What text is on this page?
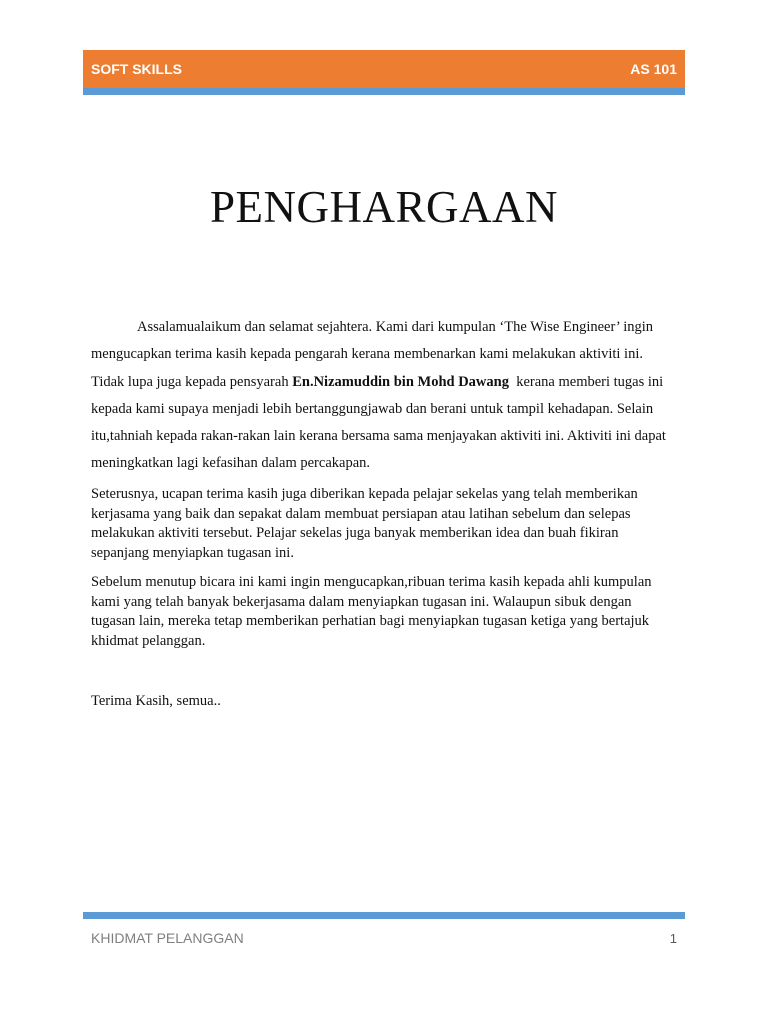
SOFT SKILLS	AS 101
PENGHARGAAN

Assalamualaikum dan selamat sejahtera. Kami dari kumpulan ‘The Wise Engineer’ ingin mengucapkan terima kasih kepada pengarah kerana membenarkan kami melakukan aktiviti ini. Tidak lupa juga kepada pensyarah En.Nizamuddin bin Mohd Dawang  kerana memberi tugas ini kepada kami supaya menjadi lebih bertanggungjawab dan berani untuk tampil kehadapan. Selain itu,tahniah kepada rakan-rakan lain kerana bersama sama menjayakan aktiviti ini. Aktiviti ini dapat meningkatkan lagi kefasihan dalam percakapan.

Seterusnya, ucapan terima kasih juga diberikan kepada pelajar sekelas yang telah memberikan kerjasama yang baik dan sepakat dalam membuat persiapan atau latihan sebelum dan selepas melakukan aktiviti tersebut. Pelajar sekelas juga banyak memberikan idea dan buah fikiran sepanjang menyiapkan tugasan ini.

Sebelum menutup bicara ini kami ingin mengucapkan,ribuan terima kasih kepada ahli kumpulan kami yang telah banyak bekerjasama dalam menyiapkan tugasan ini. Walaupun sibuk dengan tugasan lain, mereka tetap memberikan perhatian bagi menyiapkan tugasan ketiga yang bertajuk khidmat pelanggan.

Terima Kasih, semua..

KHIDMAT PELANGGAN	1
